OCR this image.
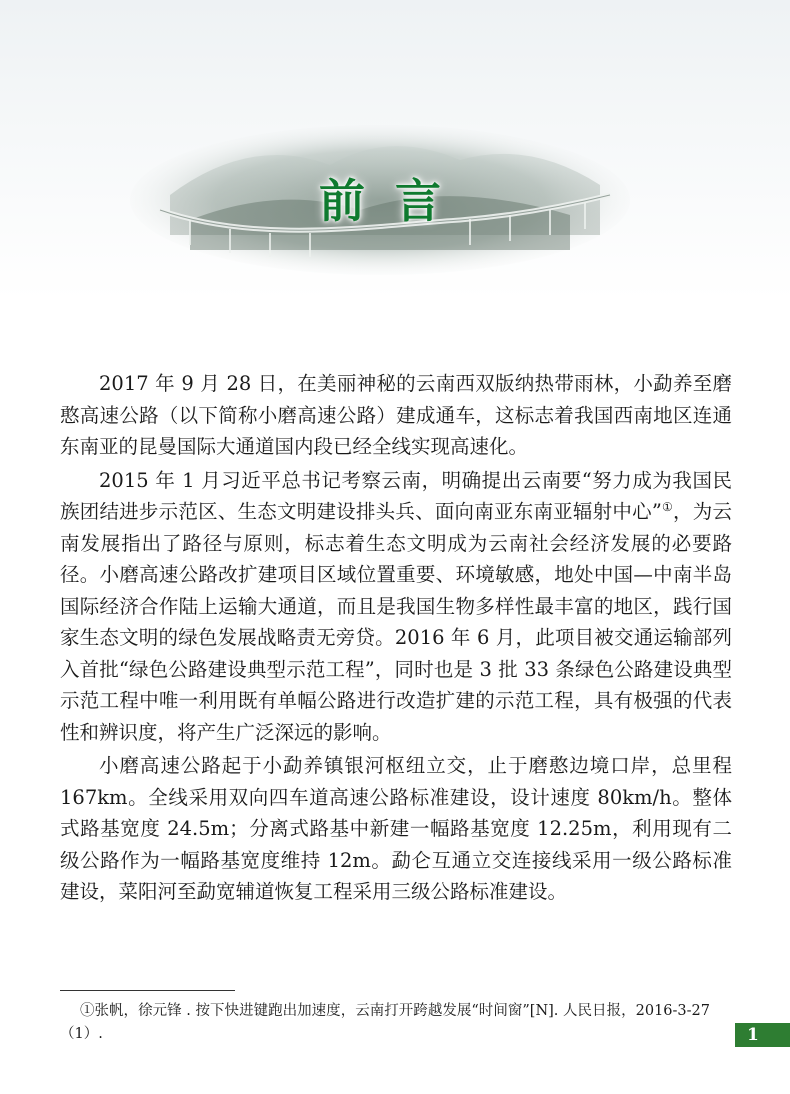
前言

2017 年 9 月 28 日，在美丽神秘的云南西双版纳热带雨林，小勐养至磨憨高速公路（以下简称小磨高速公路）建成通车，这标志着我国西南地区连通东南亚的昆曼国际大通道国内段已经全线实现高速化。

2015 年 1 月习近平总书记考察云南，明确提出云南要“努力成为我国民族团结进步示范区、生态文明建设排头兵、面向南亚东南亚辐射中心”①，为云南发展指出了路径与原则，标志着生态文明成为云南社会经济发展的必要路径。小磨高速公路改扩建项目区域位置重要、环境敏感，地处中国—中南半岛国际经济合作陆上运输大通道，而且是我国生物多样性最丰富的地区，践行国家生态文明的绿色发展战略责无旁贷。2016 年 6 月，此项目被交通运输部列入首批“绿色公路建设典型示范工程”，同时也是 3 批 33 条绿色公路建设典型示范工程中唯一利用既有单幅公路进行改造扩建的示范工程，具有极强的代表性和辨识度，将产生广泛深远的影响。

小磨高速公路起于小勐养镇银河枢纽立交，止于磨憨边境口岸，总里程 167km。全线采用双向四车道高速公路标准建设，设计速度 80km/h。整体式路基宽度 24.5m；分离式路基中新建一幅路基宽度 12.25m，利用现有二级公路作为一幅路基宽度维持 12m。勐仑互通立交连接线采用一级公路标准建设，菜阳河至勐宽辅道恢复工程采用三级公路标准建设。

①张帆，徐元锋 . 按下快进键跑出加速度，云南打开跨越发展“时间窗”[N]. 人民日报，2016-3-27（1）.	1
